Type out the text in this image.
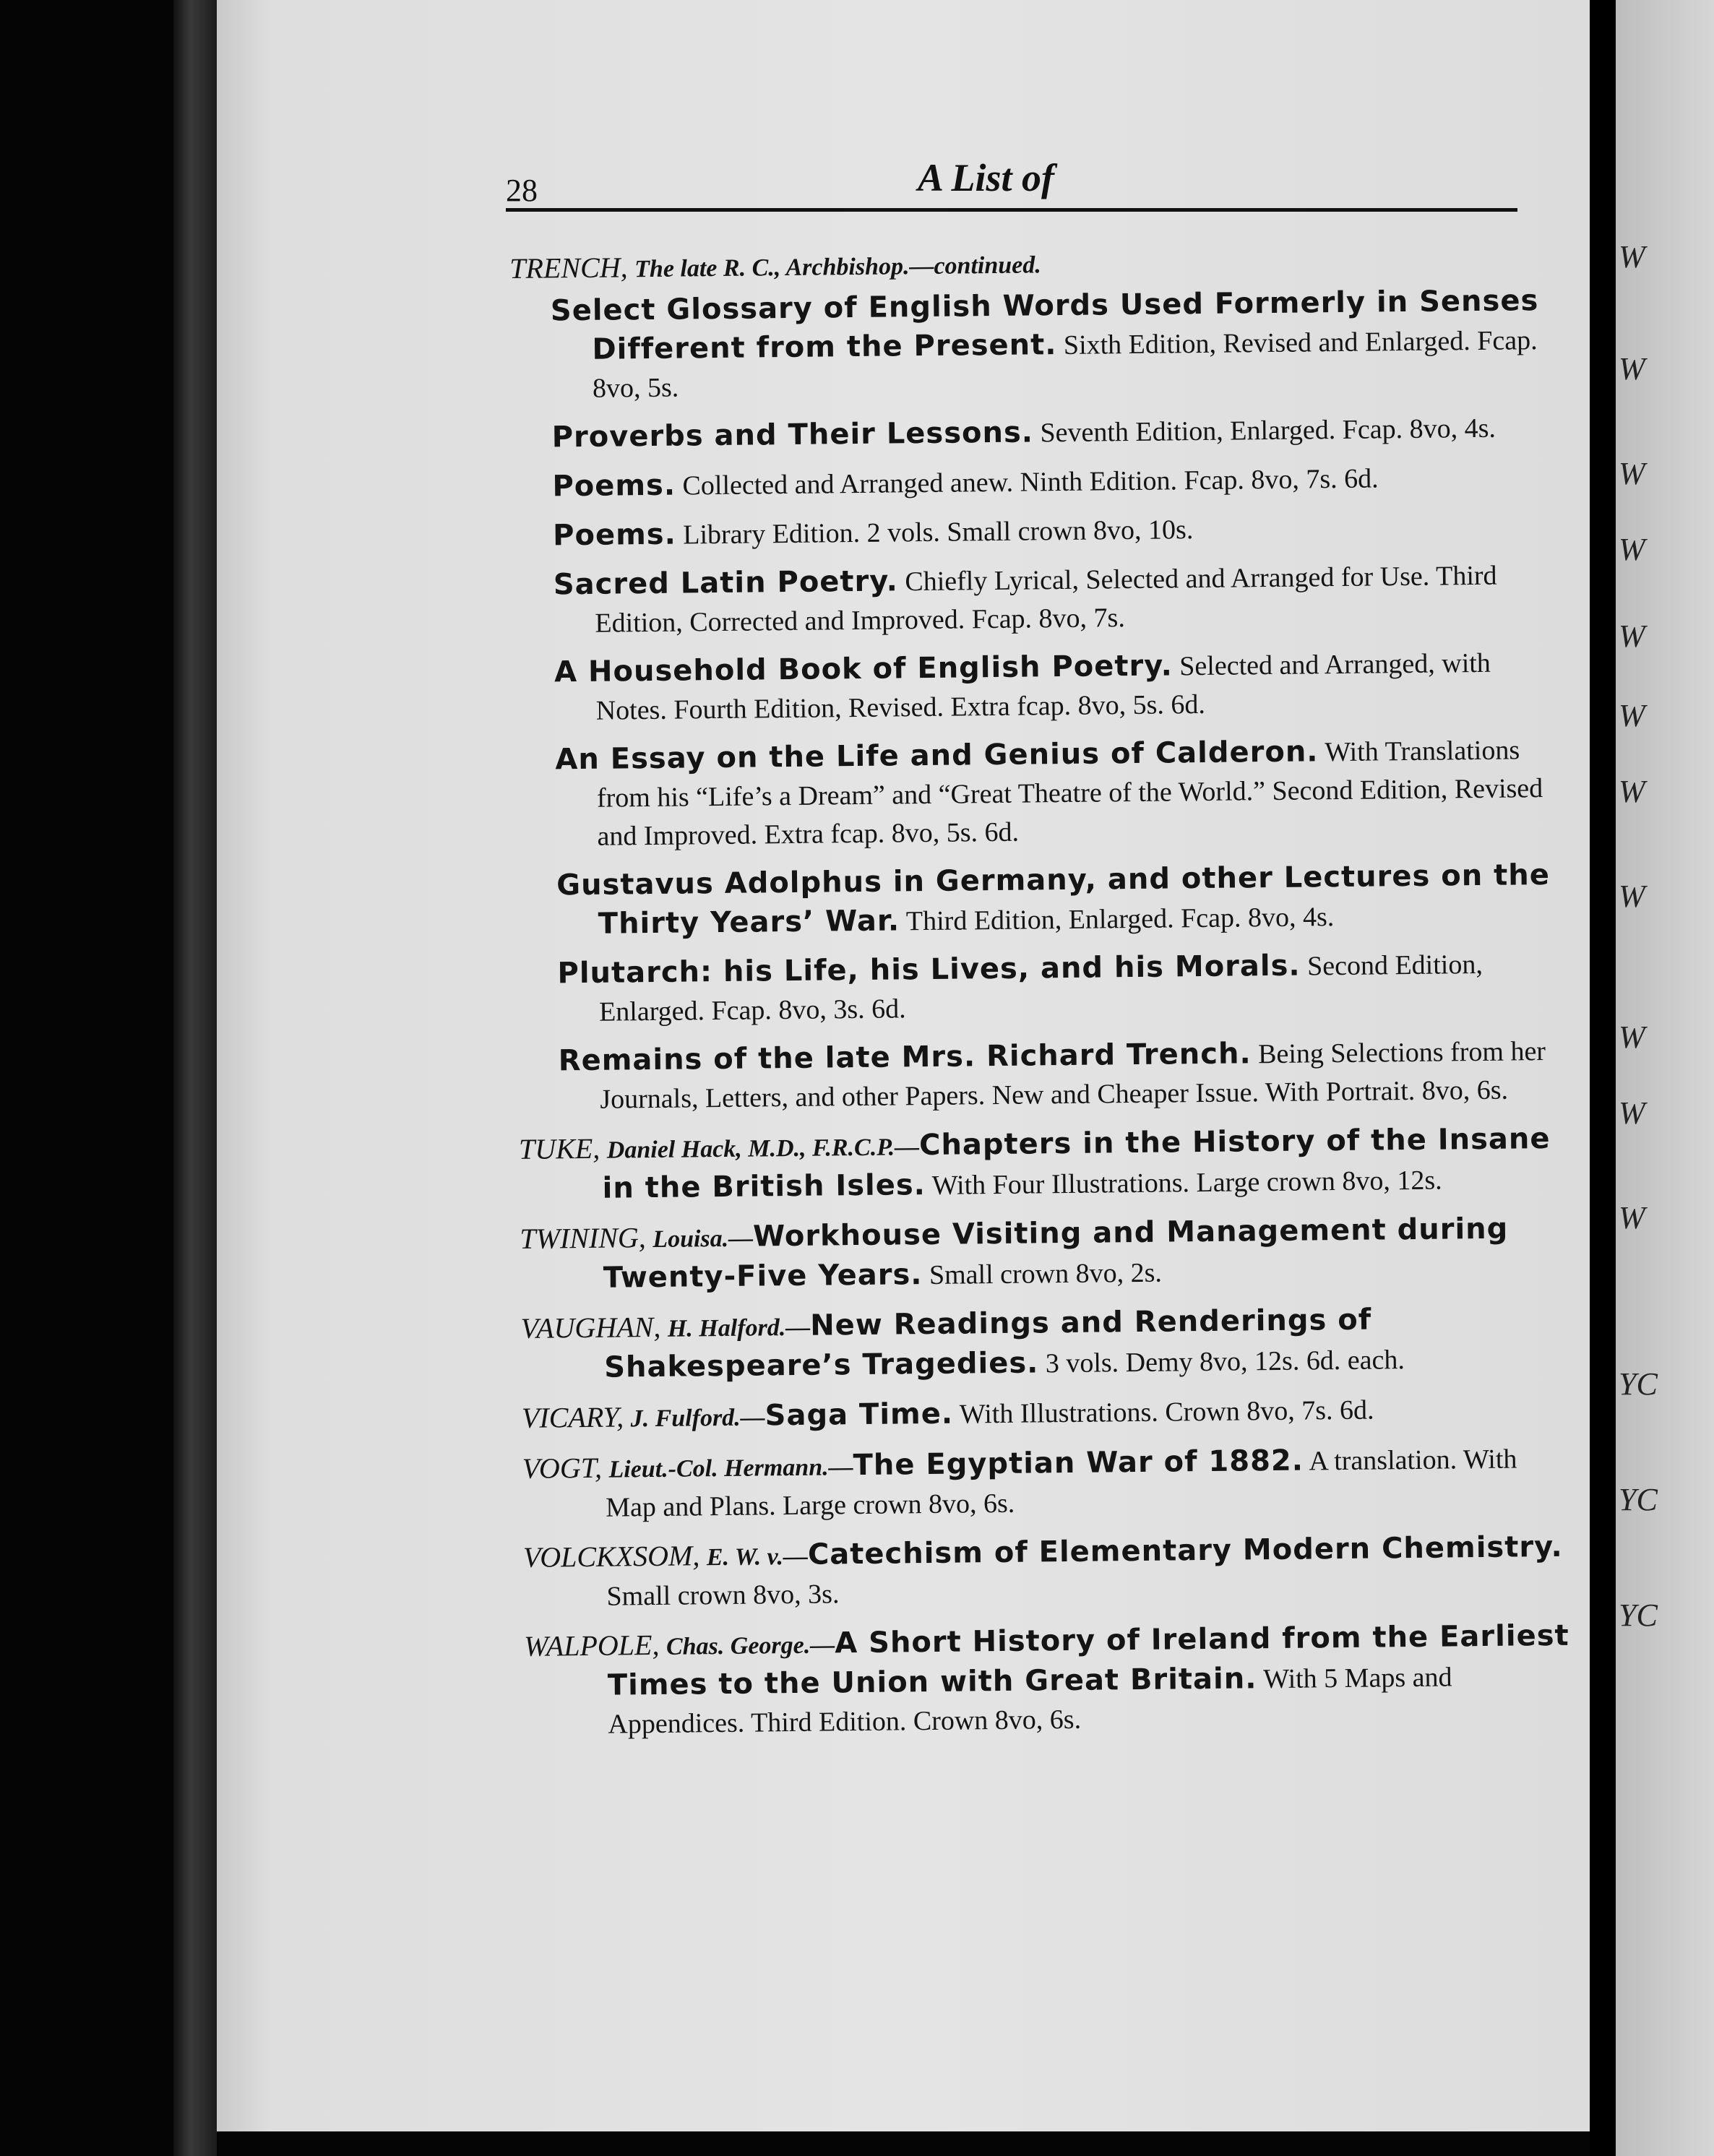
28	A List of
TRENCH, The late R. C., Archbishop.—continued.
Select Glossary of English Words Used Formerly in Senses Different from the Present. Sixth Edition, Revised and Enlarged. Fcap. 8vo, 5s.
Proverbs and Their Lessons. Seventh Edition, Enlarged. Fcap. 8vo, 4s.
Poems. Collected and Arranged anew. Ninth Edition. Fcap. 8vo, 7s. 6d.
Poems. Library Edition. 2 vols. Small crown 8vo, 10s.
Sacred Latin Poetry. Chiefly Lyrical, Selected and Arranged for Use. Third Edition, Corrected and Improved. Fcap. 8vo, 7s.
A Household Book of English Poetry. Selected and Arranged, with Notes. Fourth Edition, Revised. Extra fcap. 8vo, 5s. 6d.
An Essay on the Life and Genius of Calderon. With Translations from his “Life’s a Dream” and “Great Theatre of the World.” Second Edition, Revised and Improved. Extra fcap. 8vo, 5s. 6d.
Gustavus Adolphus in Germany, and other Lectures on the Thirty Years’ War. Third Edition, Enlarged. Fcap. 8vo, 4s.
Plutarch: his Life, his Lives, and his Morals. Second Edition, Enlarged. Fcap. 8vo, 3s. 6d.
Remains of the late Mrs. Richard Trench. Being Selections from her Journals, Letters, and other Papers. New and Cheaper Issue. With Portrait. 8vo, 6s.
TUKE, Daniel Hack, M.D., F.R.C.P.—Chapters in the History of the Insane in the British Isles. With Four Illustrations. Large crown 8vo, 12s.
TWINING, Louisa.—Workhouse Visiting and Management during Twenty-Five Years. Small crown 8vo, 2s.
VAUGHAN, H. Halford.—New Readings and Renderings of Shakespeare’s Tragedies. 3 vols. Demy 8vo, 12s. 6d. each.
VICARY, J. Fulford.—Saga Time. With Illustrations. Crown 8vo, 7s. 6d.
VOGT, Lieut.-Col. Hermann.—The Egyptian War of 1882. A translation. With Map and Plans. Large crown 8vo, 6s.
VOLCKXSOM, E. W. v.—Catechism of Elementary Modern Chemistry. Small crown 8vo, 3s.
WALPOLE, Chas. George.—A Short History of Ireland from the Earliest Times to the Union with Great Britain. With 5 Maps and Appendices. Third Edition. Crown 8vo, 6s.
W
W
W
W
W
W
W
W
W
W
W
YC
YC
YC
